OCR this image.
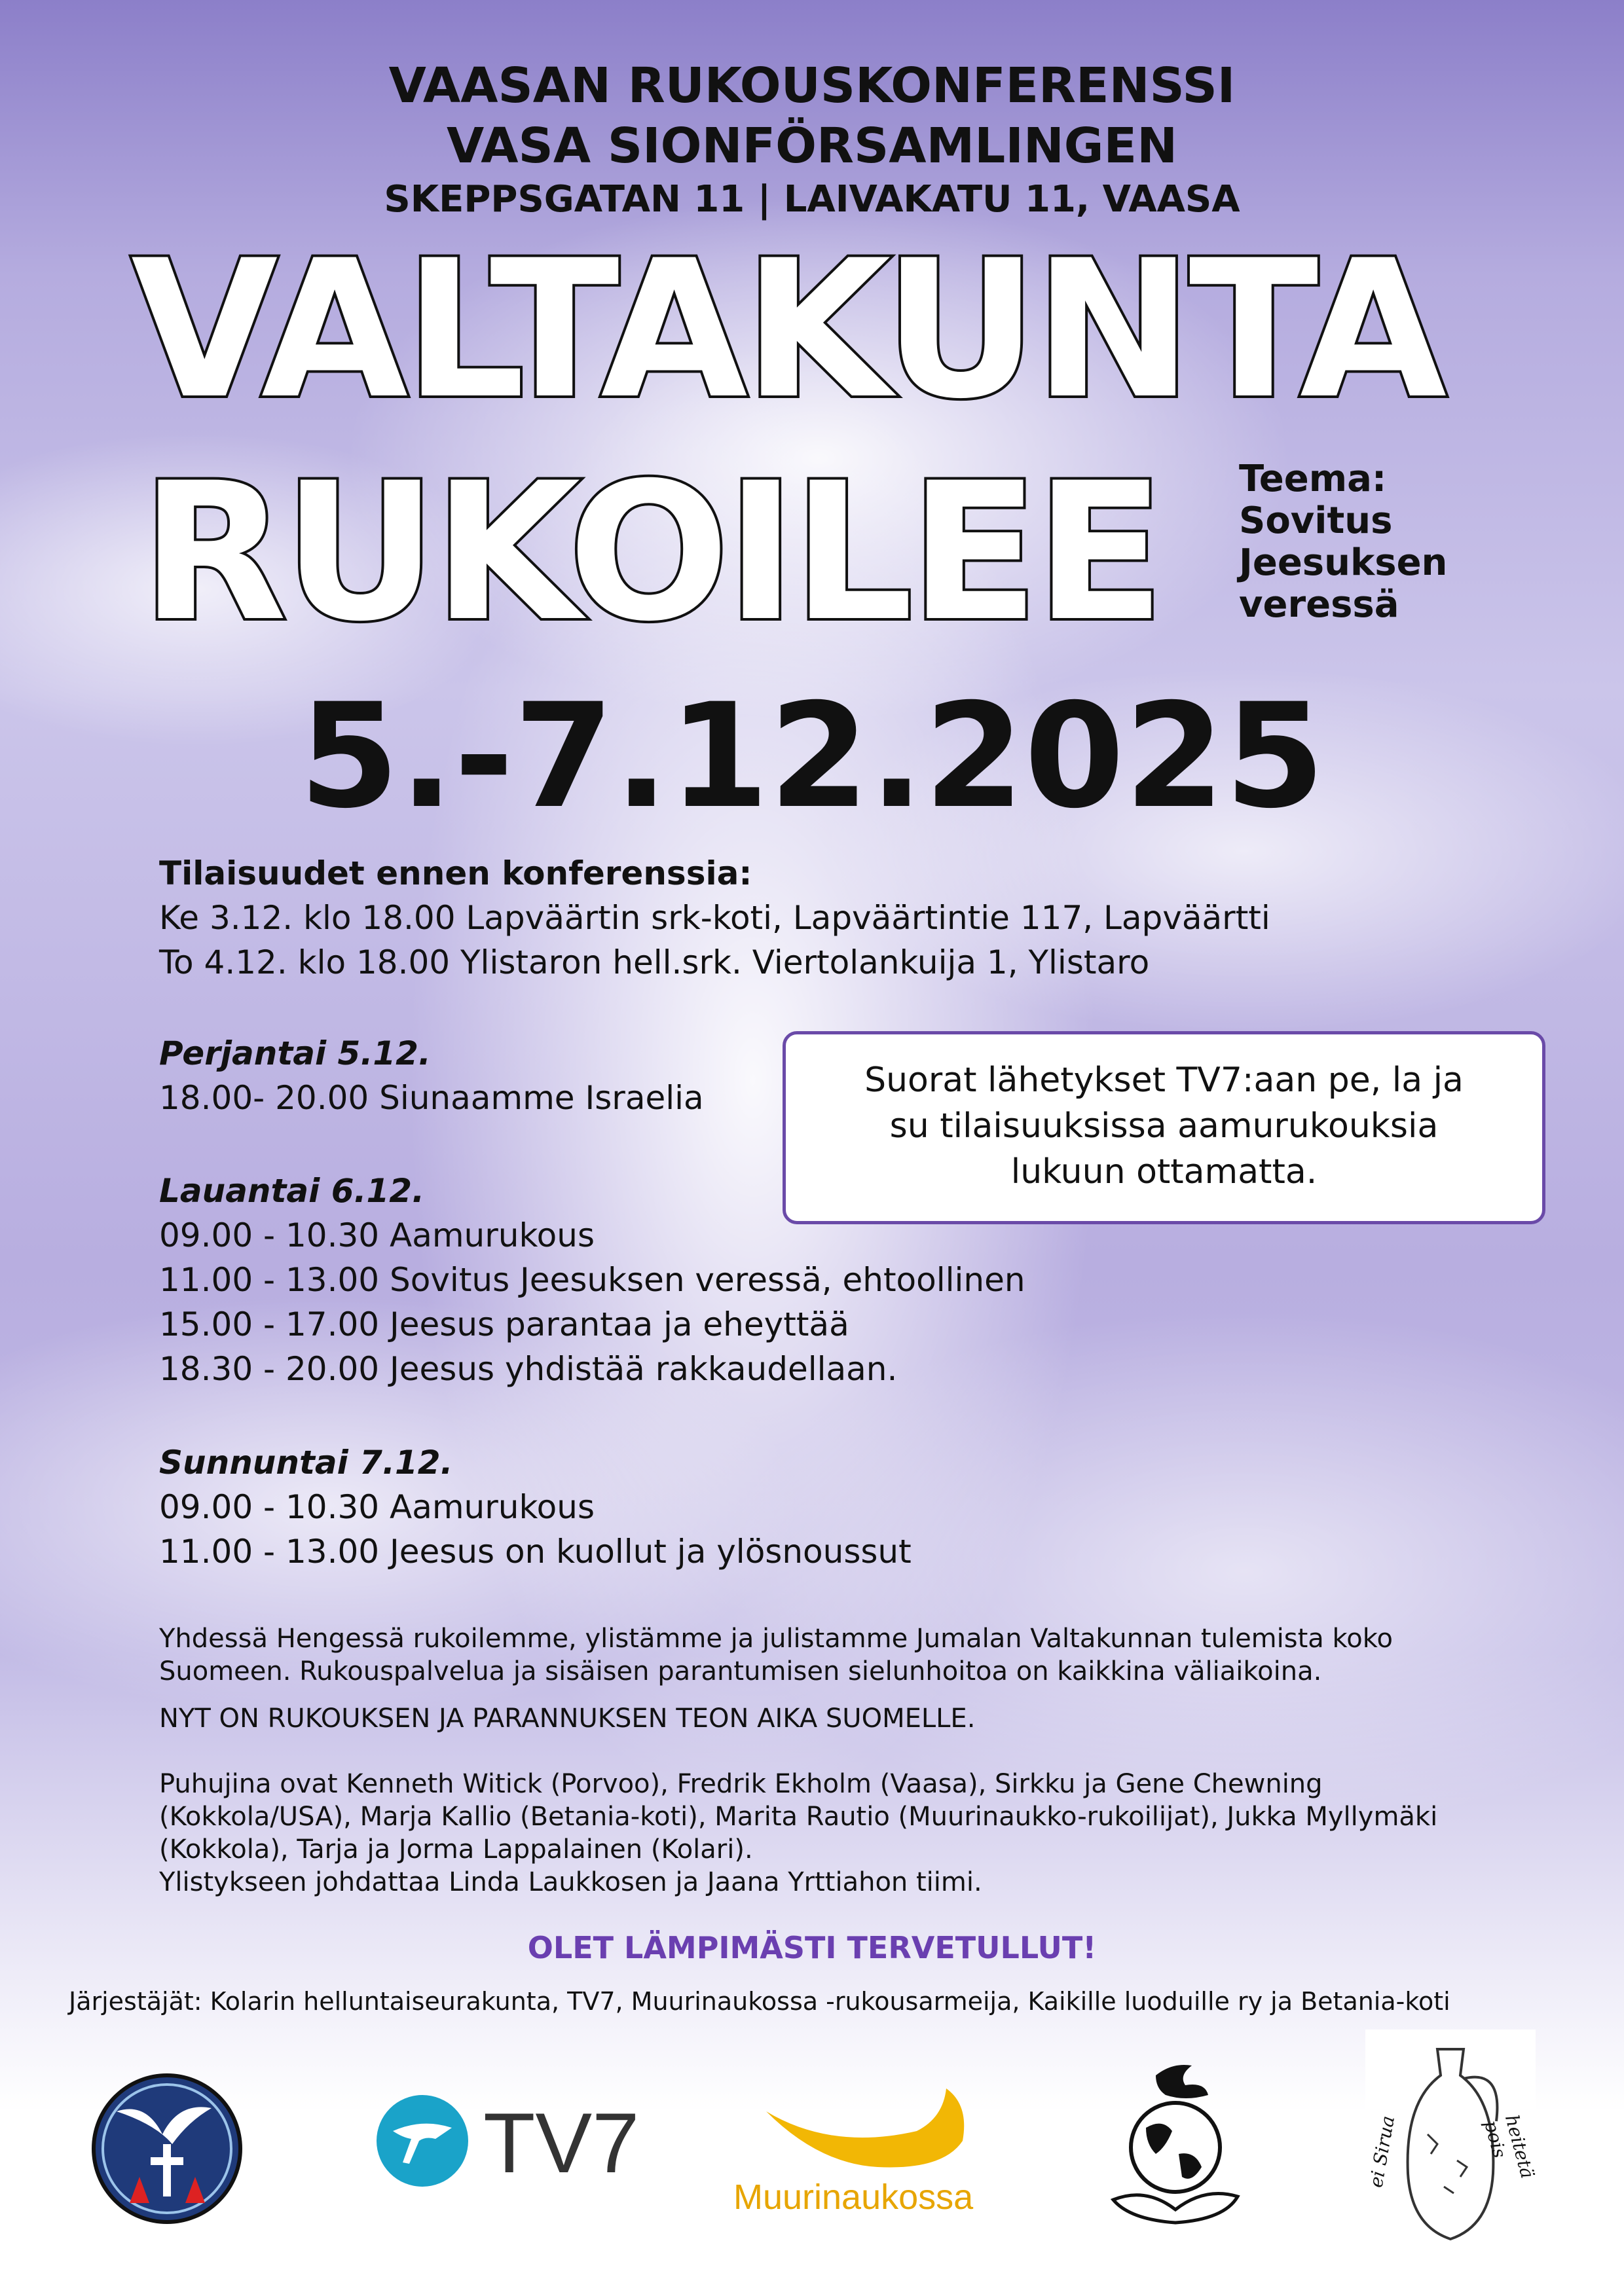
VAASAN RUKOUSKONFERENSSI
VASA SIONFÖRSAMLINGEN
SKEPPSGATAN 11 | LAIVAKATU 11, VAASA
VALTAKUNTA
RUKOILEE Teema:
Sovitus
Jeesuksen
veressä
5.-7.12.2025
Tilaisuudet ennen konferenssia:
Ke 3.12. klo 18.00 Lapväärtin srk-koti, Lapväärtintie 117, Lapväärtti
To 4.12. klo 18.00 Ylistaron hell.srk. Viertolankuija 1, Ylistaro
Perjantai 5.12.
18.00- 20.00 Siunaamme Israelia	Suorat lähetykset TV7:aan pe, la ja
su tilaisuuksissa aamurukouksia
lukuun ottamatta.
Lauantai 6.12.
09.00 - 10.30 Aamurukous
11.00 - 13.00 Sovitus Jeesuksen veressä, ehtoollinen
15.00 - 17.00 Jeesus parantaa ja eheyttää
18.30 - 20.00 Jeesus yhdistää rakkaudellaan.
Sunnuntai 7.12.
09.00 - 10.30 Aamurukous
11.00 - 13.00 Jeesus on kuollut ja ylösnoussut
Yhdessä Hengessä rukoilemme, ylistämme ja julistamme Jumalan Valtakunnan tulemista koko Suomeen. Rukouspalvelua ja sisäisen parantumisen sielunhoitoa on kaikkina väliaikoina.
NYT ON RUKOUKSEN JA PARANNUKSEN TEON AIKA SUOMELLE.
Puhujina ovat Kenneth Witick (Porvoo), Fredrik Ekholm (Vaasa), Sirkku ja Gene Chewning (Kokkola/USA), Marja Kallio (Betania-koti), Marita Rautio (Muurinaukko-rukoilijat), Jukka Myllymäki (Kokkola), Tarja ja Jorma Lappalainen (Kolari).
Ylistykseen johdattaa Linda Laukkosen ja Jaana Yrttiahon tiimi.
OLET LÄMPIMÄSTI TERVETULLUT!
Järjestäjät: Kolarin helluntaiseurakunta, TV7, Muurinaukossa -rukousarmeija, Kaikille luoduille ry ja Betania-koti
TV7
Muurinaukossa
ei Sirua	heitetä pois
